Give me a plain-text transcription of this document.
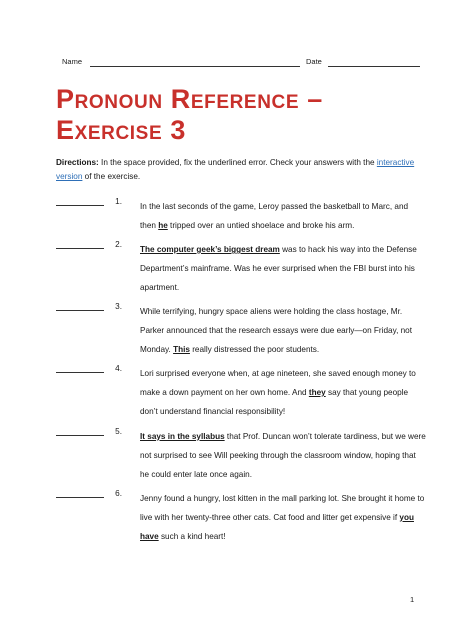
Name	Date
Pronoun Reference –
Exercise 3
Directions: In the space provided, fix the underlined error. Check your answers with the interactive version of the exercise.
1.
In the last seconds of the game, Leroy passed the basketball to Marc, and then he tripped over an untied shoelace and broke his arm.
2.
The computer geek’s biggest dream was to hack his way into the Defense Department’s mainframe. Was he ever surprised when the FBI burst into his apartment.
3.
While terrifying, hungry space aliens were holding the class hostage, Mr. Parker announced that the research essays were due early—on Friday, not Monday. This really distressed the poor students.
4.
Lori surprised everyone when, at age nineteen, she saved enough money to make a down payment on her own home. And they say that young people don’t understand financial responsibility!
5.
It says in the syllabus that Prof. Duncan won’t tolerate tardiness, but we were not surprised to see Will peeking through the classroom window, hoping that he could enter late once again.
6.
Jenny found a hungry, lost kitten in the mall parking lot. She brought it home to live with her twenty-three other cats. Cat food and litter get expensive if you have such a kind heart!
1
